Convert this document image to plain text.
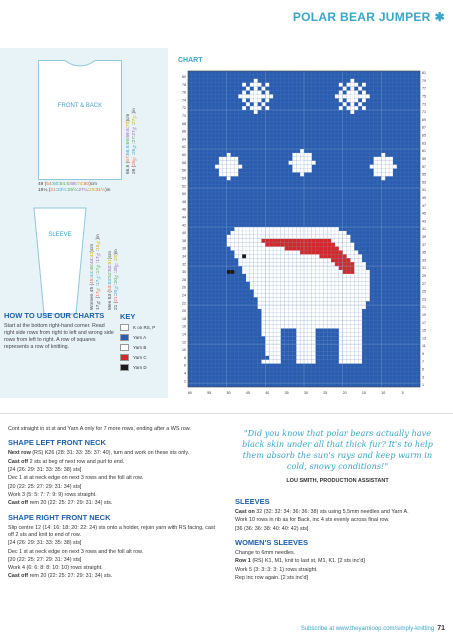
POLAR BEAR JUMPER ✱
FRONT & BACK
49 (54:60:64.5:69:74:80)cm
19¼ (21:23½:25½:27¼:29:31½)in
66.5 (67:68.5:69:69.5:70)cm
26 (26½:26¾:27:27¼:27½)in
SLEEVE
Women 45 (45:44:45:44:43)cm
17¾ (17¾:17¼:17¾:17¼:16¾)in
Men 53 (53:53:52:52:51)cm
21 (21:20¾:20½:20½:20)in
HOW TO USE OUR CHARTS

Start at the bottom right-hand corner. Read right side rows from right to left and wrong side rows from left to right. A row of squares represents a row of knitting.

KEY
K on RS, P
Yarn A
Yarn B
Yarn C
Yarn D
CHART
80
78
76
74
72
70
68
66
64
62
60
58
56
54
52
50
48
46
44
42
40
38
36
34
32
30
28
26
24
22
20
18
16
14
12
10
8
6
4
2
81
79
77
75
73
71
69
67
65
63
61
59
57
55
53
51
49
47
45
43
41
39
37
35
33
31
29
27
25
23
21
19
17
15
13
11
9
7
5
3
1
60	55	50	45	40	35	30	25	20	15	10	5

Cont straight in st st and Yarn A only for 7 more rows, ending after a WS row.

SHAPE LEFT FRONT NECK

Next row (RS) K26 (28: 31: 33: 35: 37: 40), turn and work on these sts only.

Cast off 2 sts at beg of next row and purl to end.

[24 (26: 29: 31: 33: 35: 38) sts]

Dec 1 st at neck edge on next 3 rows and the foll alt row.

[20 (22: 25: 27: 29: 31: 34) sts]

Work 3 (5: 5: 7: 7: 9: 9) rows straight.

Cast off rem 20 (22: 25: 27: 29: 31: 34) sts.

SHAPE RIGHT FRONT NECK

Slip centre 12 (14: 16: 18: 20: 22: 24) sts onto a holder, rejoin yarn with RS facing, cast off 2 sts and knit to end of row.

[24 (26: 29: 31: 33: 35: 38) sts]

Dec 1 st at neck edge on next 3 rows and the foll alt row.

[20 (22: 25: 27: 29: 31: 34) sts]

Work 4 (6: 6: 8: 8: 10: 10) rows straight.

Cast off rem 20 (22: 25: 27: 29: 31: 34) sts.

"Did you know that polar bears actually have black skin under all that thick fur? It's to help them absorb the sun's rays and keep warm in cold, snowy conditions!"
LOU SMITH, PRODUCTION ASSISTANT
SLEEVES

Cast on 32 (32: 32: 34: 36: 36: 38) sts using 5.5mm needles and Yarn A.

Work 10 rows in rib as for Back, inc 4 sts evenly across final row.

[36 (36: 36: 38: 40: 40: 42) sts]

WOMEN'S SLEEVES

Change to 6mm needles.

Row 1 (RS) K1, M1, knit to last st, M1, K1. [2 sts inc'd]

Work 5 (3: 3: 3: 3: 1) rows straight.

Rep inc row again. [2 sts inc'd]

Subscribe at www.theyarnloop.com/simply-knitting 71
